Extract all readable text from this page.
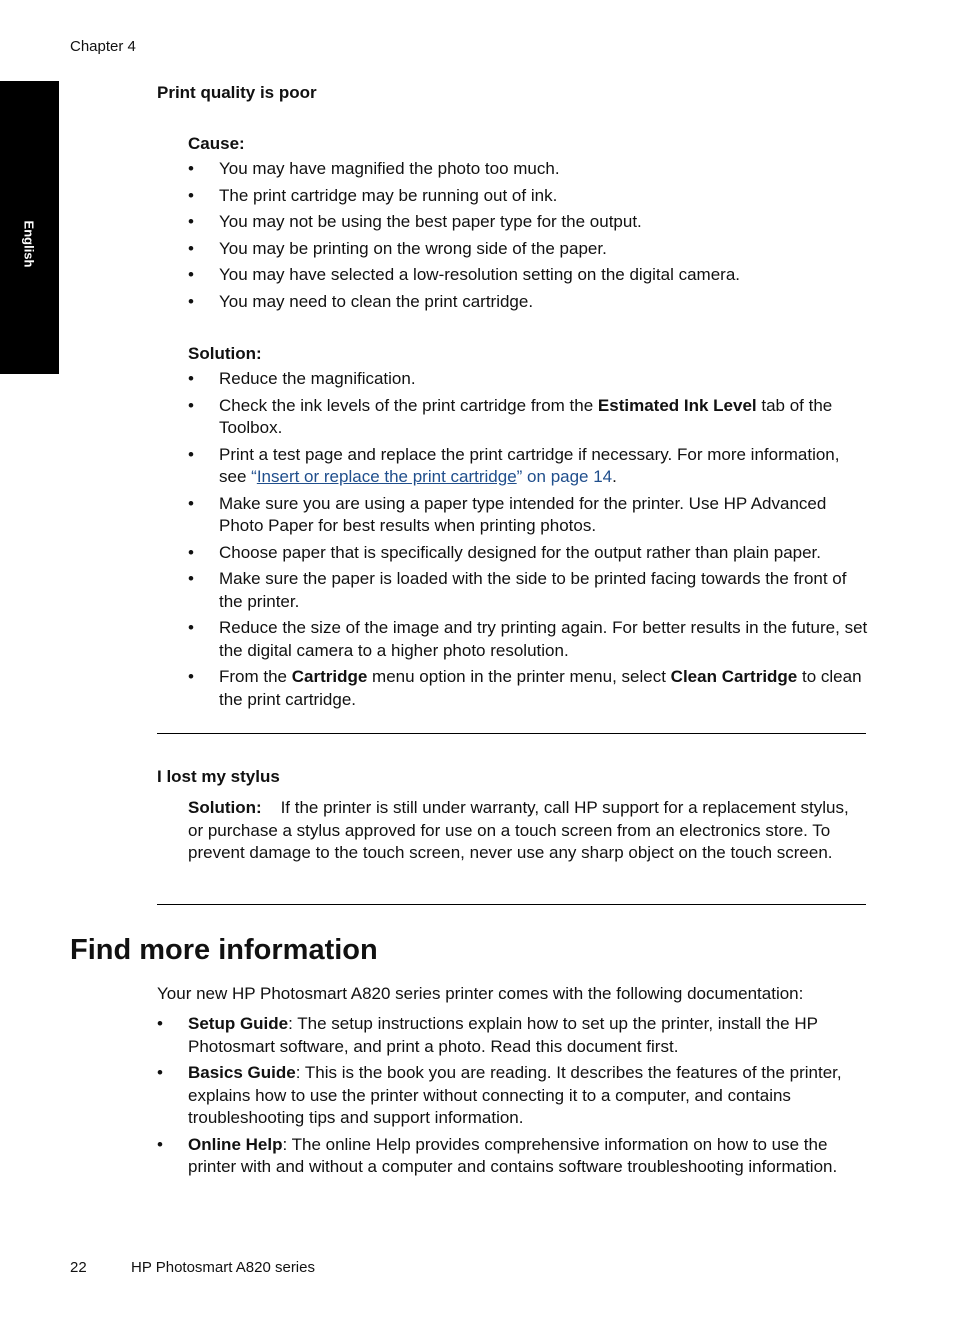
Chapter 4
English
Print quality is poor
Cause:
• You may have magnified the photo too much.
• The print cartridge may be running out of ink.
• You may not be using the best paper type for the output.
• You may be printing on the wrong side of the paper.
• You may have selected a low-resolution setting on the digital camera.
• You may need to clean the print cartridge.
Solution:
• Reduce the magnification.
• Check the ink levels of the print cartridge from the Estimated Ink Level tab of the Toolbox.
• Print a test page and replace the print cartridge if necessary. For more information, see “Insert or replace the print cartridge” on page 14.
• Make sure you are using a paper type intended for the printer. Use HP Advanced Photo Paper for best results when printing photos.
• Choose paper that is specifically designed for the output rather than plain paper.
• Make sure the paper is loaded with the side to be printed facing towards the front of the printer.
• Reduce the size of the image and try printing again. For better results in the future, set the digital camera to a higher photo resolution.
• From the Cartridge menu option in the printer menu, select Clean Cartridge to clean the print cartridge.
I lost my stylus
Solution: If the printer is still under warranty, call HP support for a replacement stylus, or purchase a stylus approved for use on a touch screen from an electronics store. To prevent damage to the touch screen, never use any sharp object on the touch screen.
Find more information
Your new HP Photosmart A820 series printer comes with the following documentation:
• Setup Guide: The setup instructions explain how to set up the printer, install the HP Photosmart software, and print a photo. Read this document first.
• Basics Guide: This is the book you are reading. It describes the features of the printer, explains how to use the printer without connecting it to a computer, and contains troubleshooting tips and support information.
• Online Help: The online Help provides comprehensive information on how to use the printer with and without a computer and contains software troubleshooting information.
22	HP Photosmart A820 series
